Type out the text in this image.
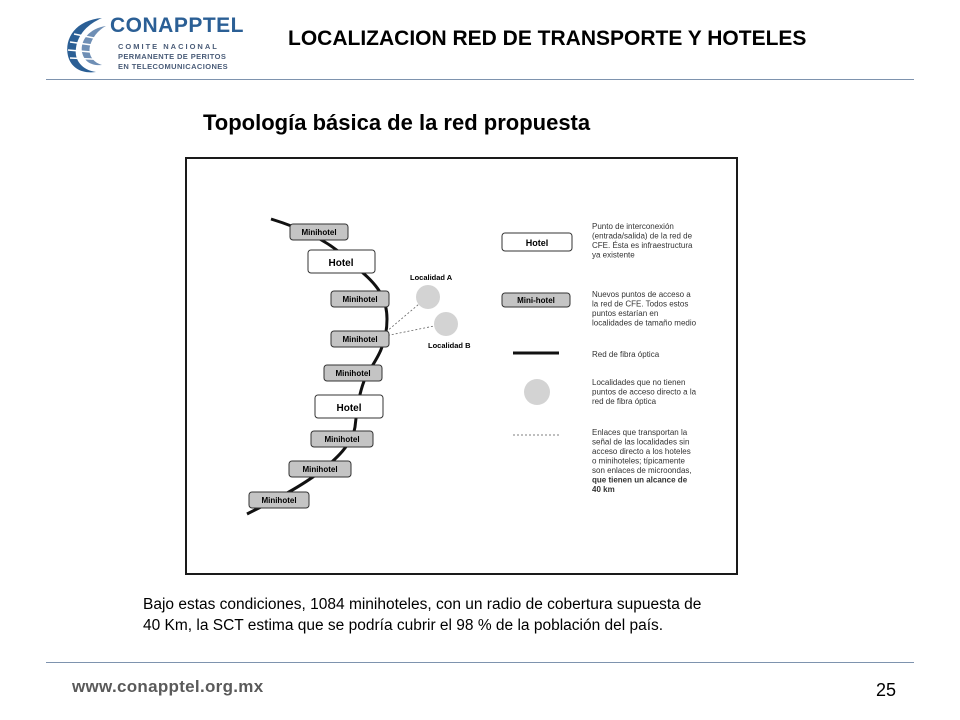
CONAPPTEL
COMITE NACIONAL
PERMANENTE DE PERITOS
EN TELECOMUNICACIONES
LOCALIZACION RED DE TRANSPORTE Y HOTELES
Topología básica de la red propuesta
Localidad A
Localidad B
Minihotel
Hotel
Minihotel
Minihotel
Minihotel
Hotel
Minihotel
Minihotel
Minihotel
Hotel
Punto de interconexión (entrada/salida) de la red de CFE. Ésta es infraestructura ya existente
Mini-hotel
Nuevos puntos de acceso a la red de CFE. Todos estos puntos estarían en localidades de tamaño medio
Red de fibra óptica
Localidades que no tienen puntos de acceso directo a la red de fibra óptica
Enlaces que transportan la señal de las localidades sin acceso directo a los hoteles o minihoteles; típicamente son enlaces de microondas, que tienen un alcance de 40 km
Bajo estas condiciones, 1084 minihoteles, con un radio de cobertura supuesta de
40 Km, la SCT estima que se podría cubrir el 98 % de la población del país.
www.conapptel.org.mx	25
